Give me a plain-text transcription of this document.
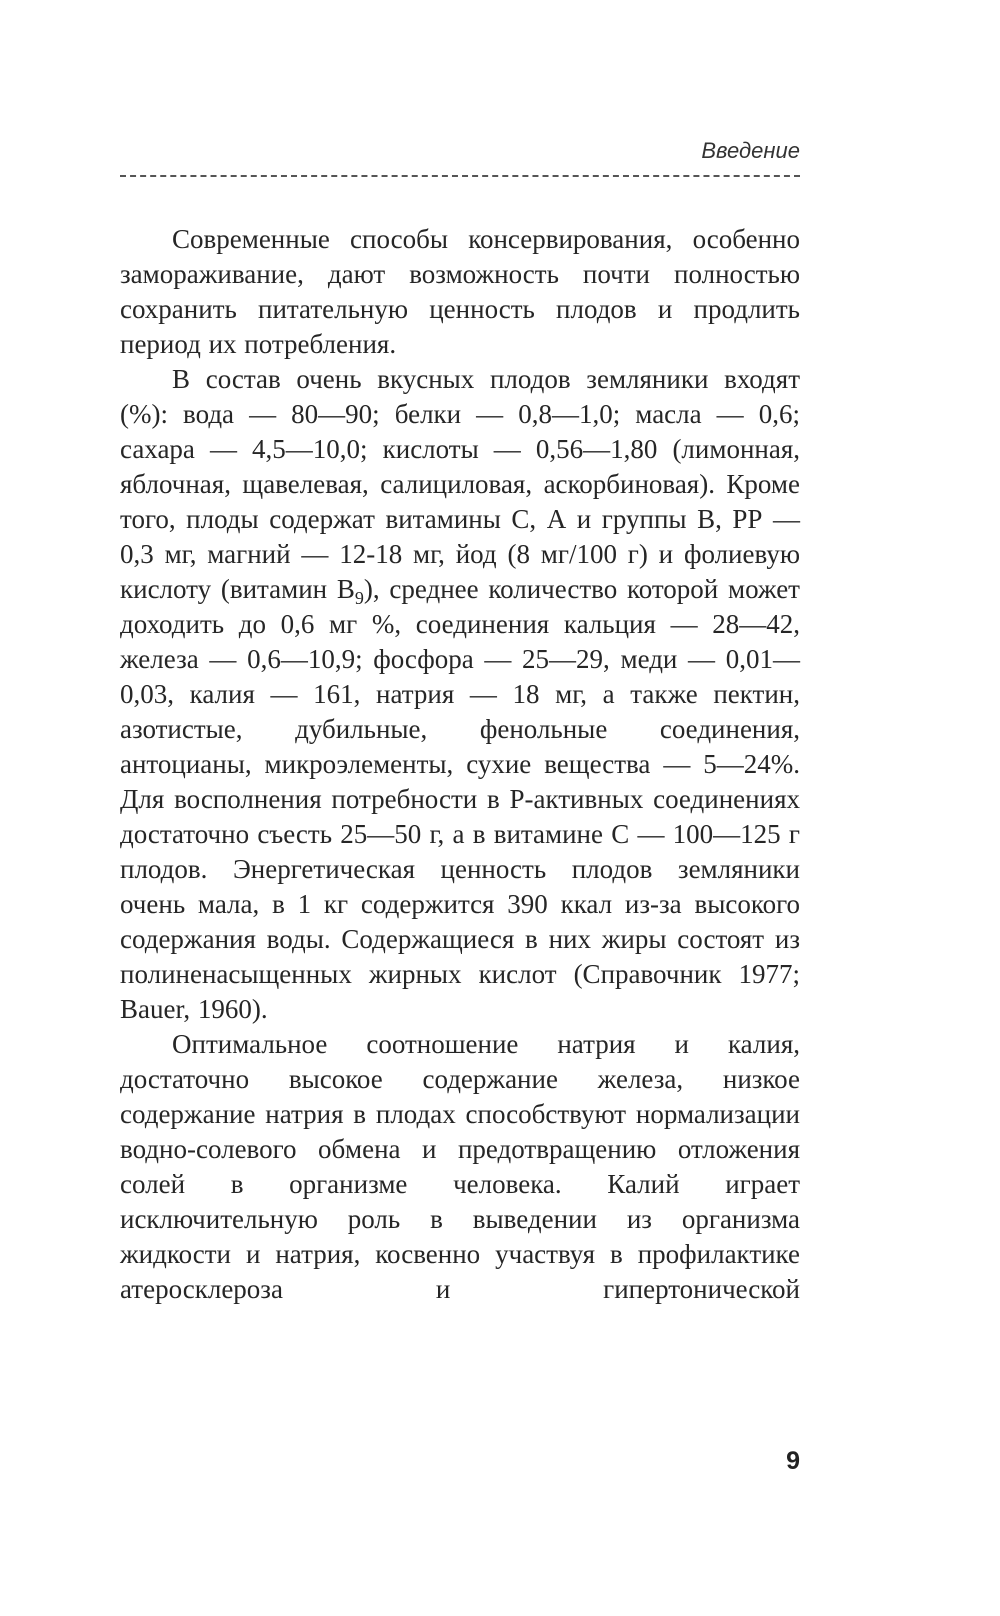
Введение

Современные способы консервирования, особенно замораживание, дают возможность почти полностью сохранить питательную ценность плодов и продлить период их потребления.

В состав очень вкусных плодов земляники входят (%): вода — 80—90; белки — 0,8—1,0; масла — 0,6; сахара — 4,5—10,0; кислоты — 0,56—1,80 (лимонная, яблочная, щавелевая, салициловая, аскорбиновая). Кроме того, плоды содержат витамины С, А и группы В, РР — 0,3 мг, магний — 12-18 мг, йод (8 мг/100 г) и фолиевую кислоту (витамин $В_9$), среднее количество которой может доходить до 0,6 мг %, соединения кальция — 28—42, железа — 0,6—10,9; фосфора — 25—29, меди — 0,01—0,03, калия — 161, натрия — 18 мг, а также пектин, азотистые, дубильные, фенольные соединения, антоцианы, микроэлементы, сухие вещества — 5—24%. Для восполнения потребности в Р-активных соединениях достаточно съесть 25—50 г, а в витамине С — 100—125 г плодов. Энергетическая ценность плодов земляники очень мала, в 1 кг содержится 390 ккал из-за высокого содержания воды. Содержащиеся в них жиры состоят из полиненасыщенных жирных кислот (Справочник 1977; Bauer, 1960).

Оптимальное соотношение натрия и калия, достаточно высокое содержание железа, низкое содержание натрия в плодах способствуют нормализации водно-солевого обмена и предотвращению отложения солей в организме человека. Калий играет исключительную роль в выведении из организма жидкости и натрия, косвенно участвуя в профилактике атеросклероза и гипертонической

9
